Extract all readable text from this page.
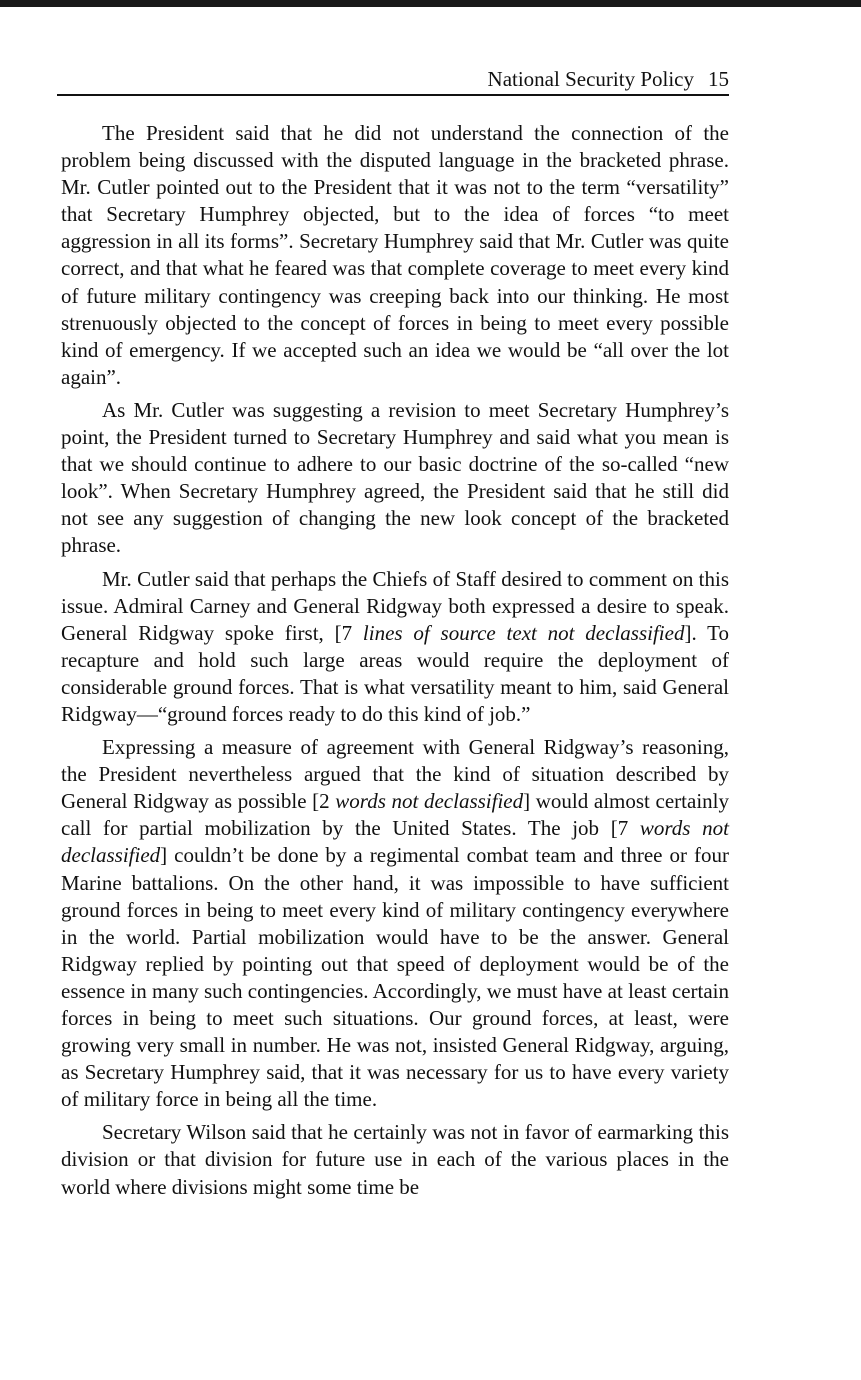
National Security Policy 15

The President said that he did not understand the connection of the problem being discussed with the disputed language in the bracketed phrase. Mr. Cutler pointed out to the President that it was not to the term “versatility” that Secretary Humphrey objected, but to the idea of forces “to meet aggression in all its forms”. Secretary Humphrey said that Mr. Cutler was quite correct, and that what he feared was that complete coverage to meet every kind of future military contingency was creeping back into our thinking. He most strenuously objected to the concept of forces in being to meet every possible kind of emergency. If we accepted such an idea we would be “all over the lot again”.

As Mr. Cutler was suggesting a revision to meet Secretary Humphrey’s point, the President turned to Secretary Humphrey and said what you mean is that we should continue to adhere to our basic doctrine of the so-called “new look”. When Secretary Humphrey agreed, the President said that he still did not see any suggestion of changing the new look concept of the bracketed phrase.

Mr. Cutler said that perhaps the Chiefs of Staff desired to comment on this issue. Admiral Carney and General Ridgway both expressed a desire to speak. General Ridgway spoke first, [7 lines of source text not declassified]. To recapture and hold such large areas would require the deployment of considerable ground forces. That is what versatility meant to him, said General Ridgway—“ground forces ready to do this kind of job.”

Expressing a measure of agreement with General Ridgway’s reasoning, the President nevertheless argued that the kind of situation described by General Ridgway as possible [2 words not declassified] would almost certainly call for partial mobilization by the United States. The job [7 words not declassified] couldn’t be done by a regimental combat team and three or four Marine battalions. On the other hand, it was impossible to have sufficient ground forces in being to meet every kind of military contingency everywhere in the world. Partial mobilization would have to be the answer. General Ridgway replied by pointing out that speed of deployment would be of the essence in many such contingencies. Accordingly, we must have at least certain forces in being to meet such situations. Our ground forces, at least, were growing very small in number. He was not, insisted General Ridgway, arguing, as Secretary Humphrey said, that it was necessary for us to have every variety of military force in being all the time.

Secretary Wilson said that he certainly was not in favor of earmarking this division or that division for future use in each of the various places in the world where divisions might some time be
